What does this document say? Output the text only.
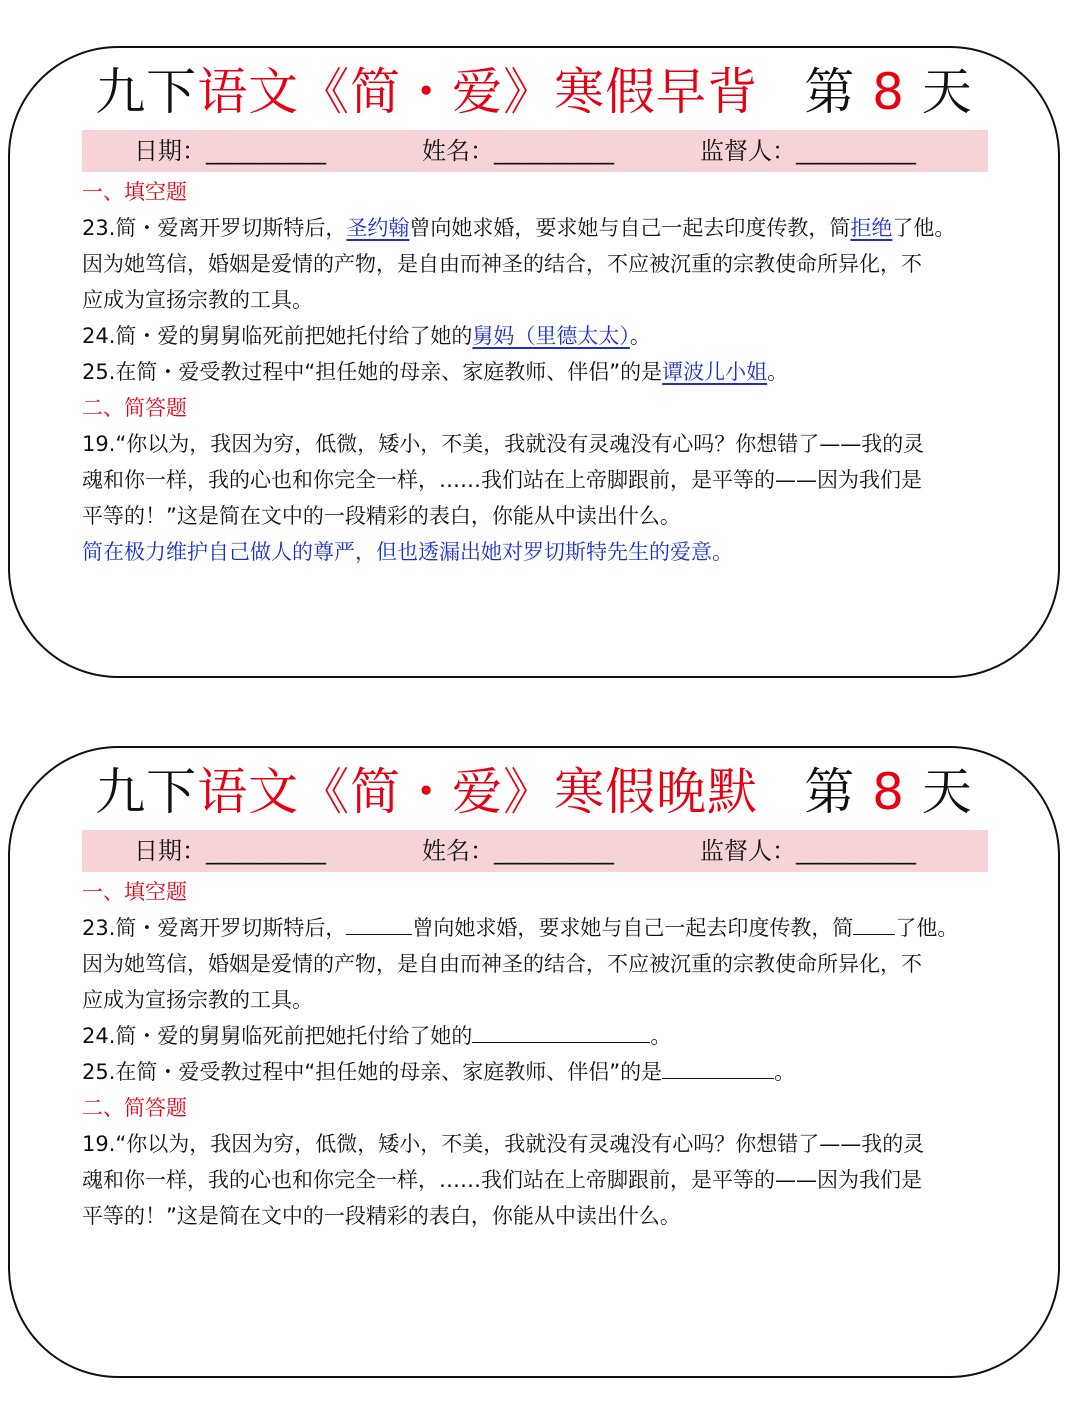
九下语文《简・爱》寒假早背 第 8 天
日期：__________	姓名：__________	监督人：__________
一、填空题
23.简・爱离开罗切斯特后，圣约翰曾向她求婚，要求她与自己一起去印度传教，简拒绝了他。
因为她笃信，婚姻是爱情的产物，是自由而神圣的结合，不应被沉重的宗教使命所异化，不
应成为宣扬宗教的工具。
24.简・爱的舅舅临死前把她托付给了她的舅妈（里德太太）。
25.在简・爱受教过程中“担任她的母亲、家庭教师、伴侣”的是谭波儿小姐。
二、简答题
19.“你以为，我因为穷，低微，矮小，不美，我就没有灵魂没有心吗？你想错了——我的灵
魂和你一样，我的心也和你完全一样，……我们站在上帝脚跟前，是平等的——因为我们是
平等的！”这是简在文中的一段精彩的表白，你能从中读出什么。
简在极力维护自己做人的尊严，但也透漏出她对罗切斯特先生的爱意。
九下语文《简・爱》寒假晚默 第 8 天
日期：__________	姓名：__________	监督人：__________
一、填空题
23.简・爱离开罗切斯特后，	曾向她求婚，要求她与自己一起去印度传教，简 了他。
因为她笃信，婚姻是爱情的产物，是自由而神圣的结合，不应被沉重的宗教使命所异化，不
应成为宣扬宗教的工具。
24.简・爱的舅舅临死前把她托付给了她的	。
25.在简・爱受教过程中“担任她的母亲、家庭教师、伴侣”的是	。
二、简答题
19.“你以为，我因为穷，低微，矮小，不美，我就没有灵魂没有心吗？你想错了——我的灵
魂和你一样，我的心也和你完全一样，……我们站在上帝脚跟前，是平等的——因为我们是
平等的！”这是简在文中的一段精彩的表白，你能从中读出什么。
